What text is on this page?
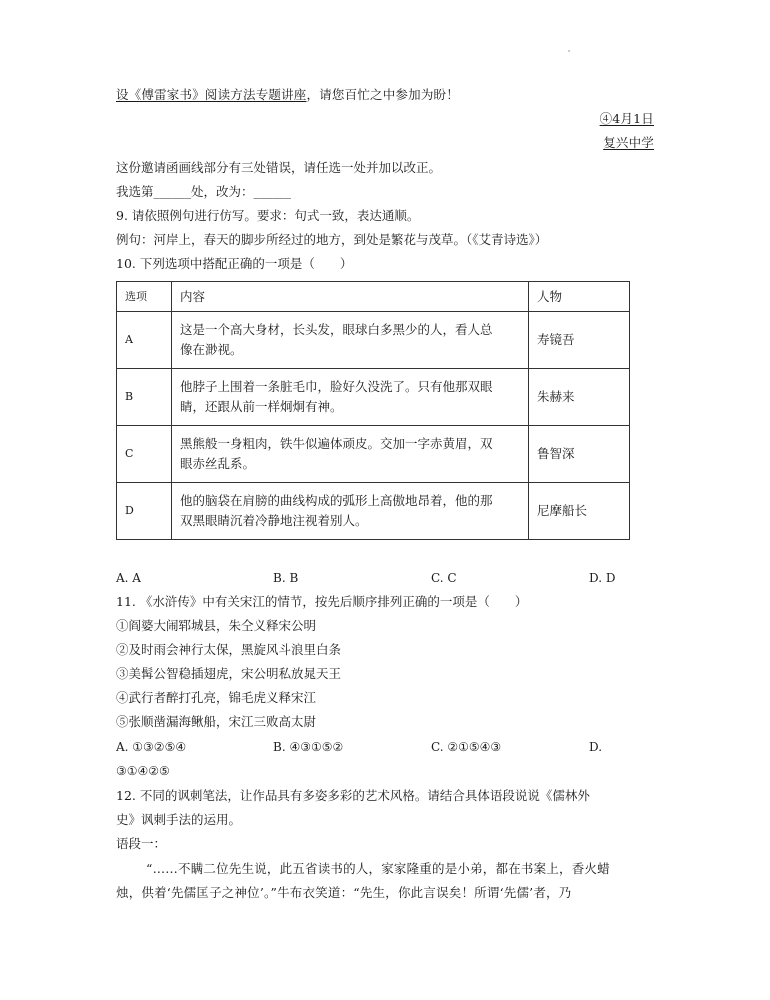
设《傅雷家书》阅读方法专题讲座，请您百忙之中参加为盼！
④4月1日
复兴中学
这份邀请函画线部分有三处错误，请任选一处并加以改正。
我选第______处，改为：______
9. 请依照例句进行仿写。要求：句式一致，表达通顺。
例句：河岸上，春天的脚步所经过的地方，到处是繁花与茂草。（《艾青诗选》）
10. 下列选项中搭配正确的一项是（　　）
选项	内容	人物
A	这是一个高大身材，长头发，眼球白多黑少的人，看人总
像在渺视。	寿镜吾
B	他脖子上围着一条脏毛巾，脸好久没洗了。只有他那双眼
睛，还跟从前一样炯炯有神。	朱赫来
C	黑熊般一身粗肉，铁牛似遍体顽皮。交加一字赤黄眉，双
眼赤丝乱系。	鲁智深
D	他的脑袋在肩膀的曲线构成的弧形上高傲地昂着，他的那
双黑眼睛沉着冷静地注视着别人。	尼摩船长
A. A	B. B	C. C	D. D
11. 《水浒传》中有关宋江的情节，按先后顺序排列正确的一项是（　　）
①阎婆大闹郓城县，朱仝义释宋公明
②及时雨会神行太保，黑旋风斗浪里白条
③美髯公智稳插翅虎，宋公明私放晁天王
④武行者醉打孔亮，锦毛虎义释宋江
⑤张顺凿漏海鳅船，宋江三败高太尉
A. ①③②⑤④	B. ④③①⑤②	C. ②①⑤④③	D.
③①④②⑤
12. 不同的讽刺笔法，让作品具有多姿多彩的艺术风格。请结合具体语段说说《儒林外
史》讽刺手法的运用。
语段一：
“……不瞒二位先生说，此五省读书的人，家家隆重的是小弟，都在书案上，香火蜡
烛，供着‘先儒匡子之神位’。”牛布衣笑道：“先生，你此言误矣！所谓‘先儒’者，乃
